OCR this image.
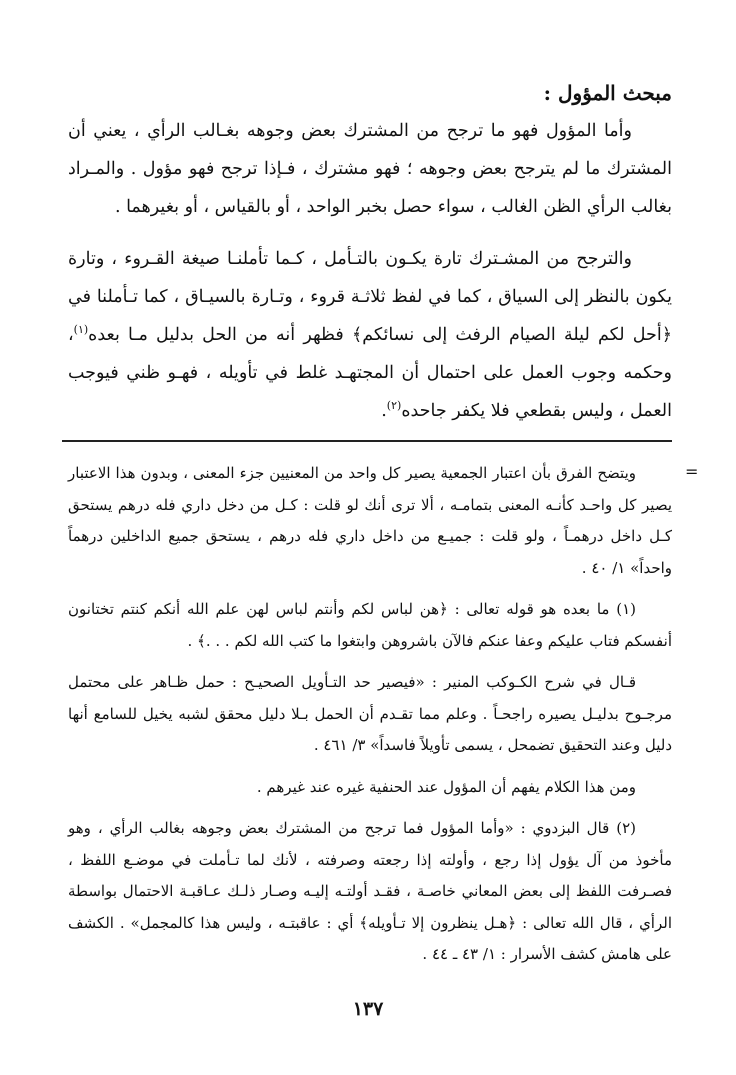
مبحث المؤول :

وأما المؤول فهو ما ترجح من المشترك بعض وجوهه بغـالب الرأي ، يعني أن المشترك ما لم يترجح بعض وجوهه ؛ فهو مشترك ، فـإذا ترجح فهو مؤول . والمـراد بغالب الرأي الظن الغالب ، سواء حصل بخبر الواحد ، أو بالقياس ، أو بغيرهما .

والترجح من المشـترك تارة يكـون بالتـأمل ، كـما تأملنـا صيغة القـروء ، وتارة يكون بالنظر إلى السياق ، كما في لفظ ثلاثـة قروء ، وتـارة بالسيـاق ، كما تـأملنا في ﴿أحل لكم ليلة الصيام الرفث إلى نسائكم﴾ فظهر أنه من الحل بدليل مـا بعده$^{(١)}$، وحكمه وجوب العمل على احتمال أن المجتهـد غلط في تأويله ، فهـو ظني فيوجب العمل ، وليس بقطعي فلا يكفر جاحده$^{(٢)}$.

=

ويتضح الفرق بأن اعتبار الجمعية يصير كل واحد من المعنيين جزء المعنى ، وبدون هذا الاعتبار يصير كل واحـد كأنـه المعنى بتمامـه ، ألا ترى أنك لو قلت : كـل من دخل داري فله درهم يستحق كـل داخل درهمـاً ، ولو قلت : جميـع من داخل داري فله درهم ، يستحق جميع الداخلين درهماً واحداً» ١/ ٤٠ .

(١) ما بعده هو قوله تعالى : ﴿هن لباس لكم وأنتم لباس لهن علم الله أنكم كنتم تختانون أنفسكم فتاب عليكم وعفا عنكم فالآن باشروهن وابتغوا ما كتب الله لكم . . .﴾ .

قـال في شرح الكـوكب المنير : «فيصير حد التـأويل الصحيـح : حمل ظـاهر على محتمل مرجـوح بدليـل يصيره راجحـاً . وعلم مما تقـدم أن الحمل بـلا دليل محقق لشبه يخيل للسامع أنها دليل وعند التحقيق تضمحل ، يسمى تأويلاً فاسداً» ٣/ ٤٦١ .

ومن هذا الكلام يفهم أن المؤول عند الحنفية غيره عند غيرهم .

(٢) قال البزدوي : «وأما المؤول فما ترجح من المشترك بعض وجوهه بغالب الرأي ، وهو مأخوذ من آل يؤول إذا رجع ، وأولته إذا رجعته وصرفته ، لأنك لما تـأملت في موضـع اللفظ ، فصـرفت اللفظ إلى بعض المعاني خاصـة ، فقـد أولتـه إليـه وصـار ذلـك عـاقبـة الاحتمال بواسطة الرأي ، قال الله تعالى : ﴿هـل ينظرون إلا تـأويله﴾ أي : عاقبتـه ، وليس هذا كالمجمل» . الكشف على هامش كشف الأسرار : ١/ ٤٣ ـ ٤٤ .

١٣٧
